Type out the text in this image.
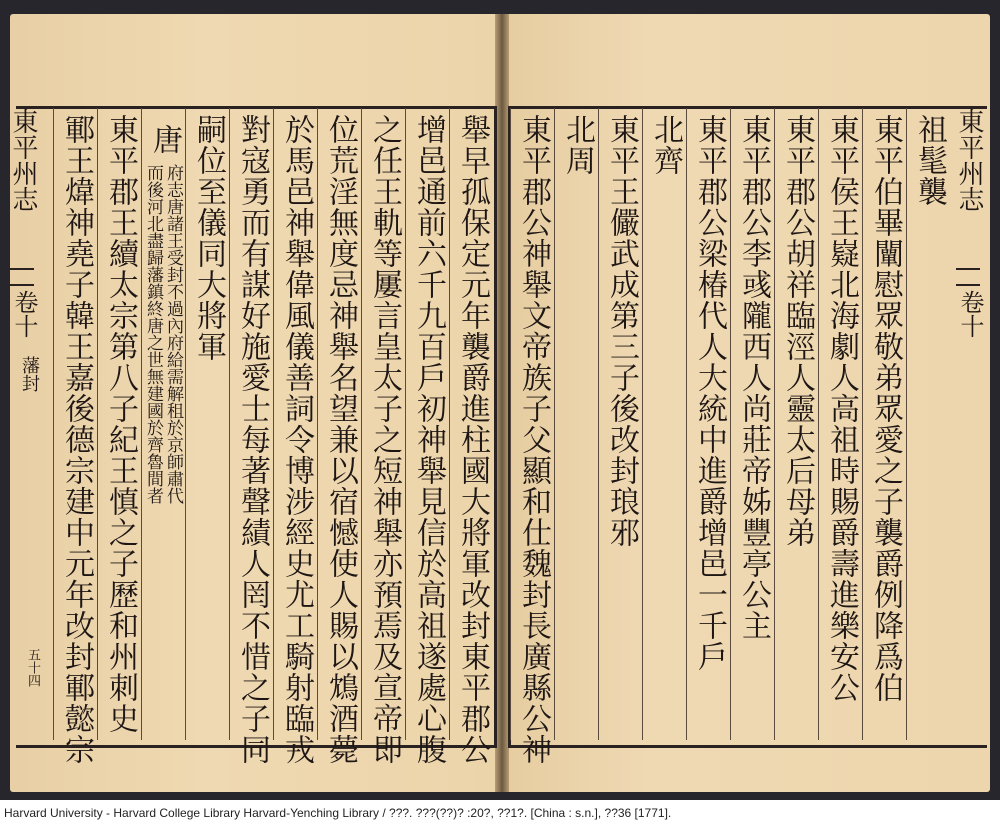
東平州志
卷十
藩封
五十四	舉早孤保定元年襲爵進柱國大將軍改封東平郡公
增邑通前六千九百戶初神舉見信於高祖遂處心腹
之任王軌等屢言皇太子之短神舉亦預焉及宣帝即
位荒淫無度忌神舉名望兼以宿憾使人賜以鴆酒薨
於馬邑神舉偉風儀善詞令博涉經史尤工騎射臨戎
對寇勇而有謀好施愛士每著聲績人罔不惜之子同
嗣位至儀同大將軍
唐
府志唐諸王受封不過內府給需解租於京師肅代
而後河北盡歸藩鎮終唐之世無建國於齊魯間者
東平郡王續太宗第八子紀王慎之子歷和州刺史
鄆王煒神堯子韓王嘉後德宗建中元年改封鄆懿宗	東平州志
卷十
祖髦襲
東平伯畢闡慰眾敬弟眾愛之子襲爵例降爲伯
東平侯王嶷北海劇人高祖時賜爵壽進樂安公
東平郡公胡祥臨涇人靈太后母弟
東平郡公李彧隴西人尚莊帝姊豐亭公主
東平郡公梁椿代人大統中進爵增邑一千戶
北齊
東平王儼武成第三子後改封琅邪
北周
東平郡公神舉文帝族子父顯和仕魏封長廣縣公神
Harvard University - Harvard College Library Harvard-Yenching Library / ???. ???(??)? :20?, ??1?. [China : s.n.], ??36 [1771].
